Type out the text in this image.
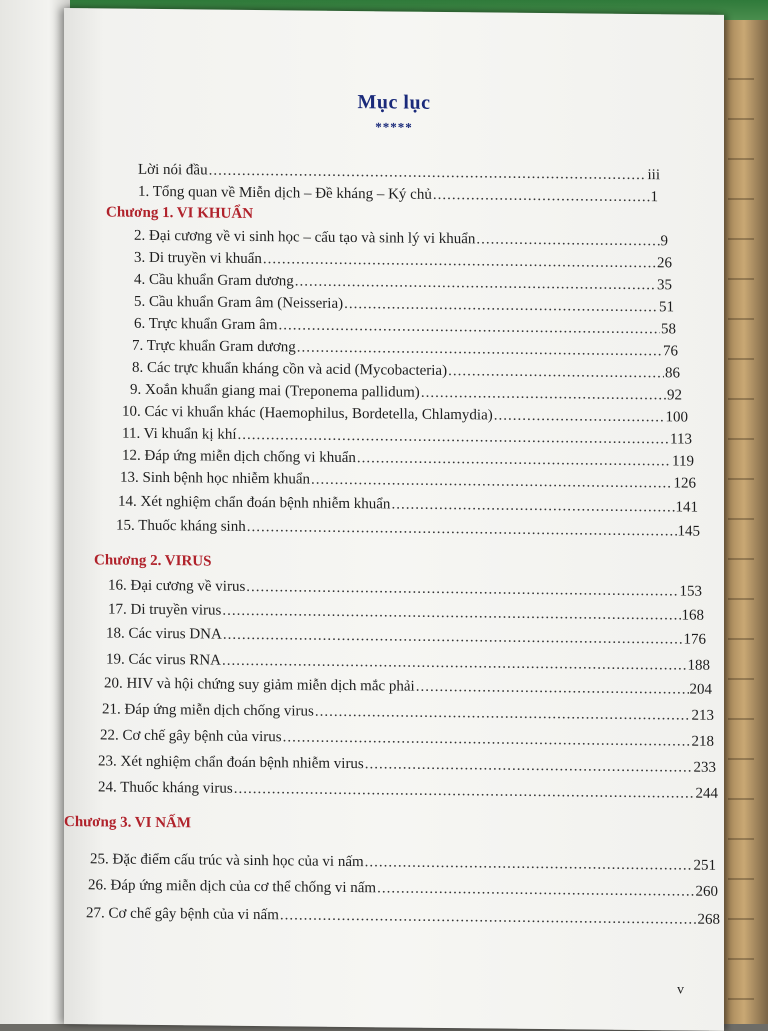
Mục lục
*****
Lời nói đầu .....	iii
1. Tổng quan về Miễn dịch – Đề kháng – Ký chủ .....	1
Chương 1. VI KHUẨN
2. Đại cương về vi sinh học – cấu tạo và sinh lý vi khuẩn .....	9
3. Di truyền vi khuẩn .....	26
4. Cầu khuẩn Gram dương .....	35
5. Cầu khuẩn Gram âm (Neisseria) .....	51
6. Trực khuẩn Gram âm .....	58
7. Trực khuẩn Gram dương .....	76
8. Các trực khuẩn kháng cồn và acid (Mycobacteria) .....	86
9. Xoắn khuẩn giang mai (Treponema pallidum) .....	92
10. Các vi khuẩn khác (Haemophilus, Bordetella, Chlamydia) .....	100
11. Vi khuẩn kị khí .....	113
12. Đáp ứng miễn dịch chống vi khuẩn .....	119
13. Sinh bệnh học nhiễm khuẩn .....	126
14. Xét nghiệm chẩn đoán bệnh nhiễm khuẩn .....	141
15. Thuốc kháng sinh .....	145
Chương 2. VIRUS
16. Đại cương về virus .....	153
17. Di truyền virus .....	168
18. Các virus DNA .....	176
19. Các virus RNA .....	188
20. HIV và hội chứng suy giảm miễn dịch mắc phải .....	204
21. Đáp ứng miễn dịch chống virus .....	213
22. Cơ chế gây bệnh của virus .....	218
23. Xét nghiệm chẩn đoán bệnh nhiễm virus .....	233
24. Thuốc kháng virus .....	244
Chương 3. VI NẤM
25. Đặc điểm cấu trúc và sinh học của vi nấm .....	251
26. Đáp ứng miễn dịch của cơ thể chống vi nấm .....	260
27. Cơ chế gây bệnh của vi nấm .....	268
v
